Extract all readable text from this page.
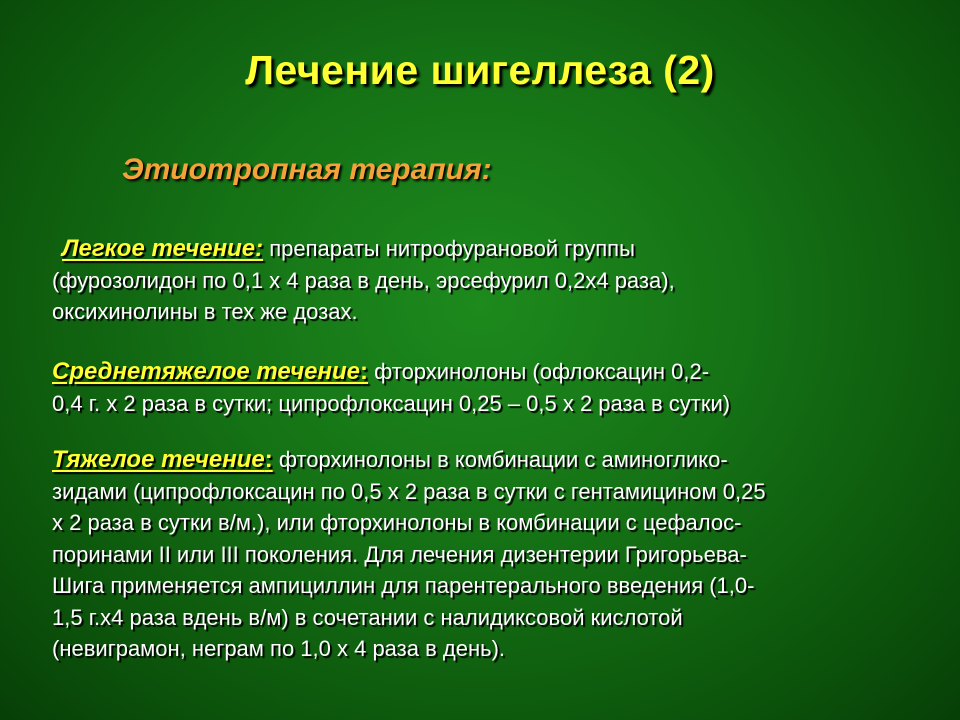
Лечение шигеллеза (2)
Этиотропная терапия:
Легкое течение: препараты нитрофурановой группы
(фурозолидон по 0,1 х 4 раза в день, эрсефурил 0,2х4 раза),
оксихинолины в тех же дозах.
Среднетяжелое течение: фторхинолоны (офлоксацин 0,2-
0,4 г. х 2 раза в сутки; ципрофлоксацин 0,25 – 0,5 х 2 раза в сутки)
Тяжелое течение: фторхинолоны в комбинации с аминоглико-
зидами (ципрофлоксацин по 0,5 х 2 раза в сутки с гентамицином 0,25
х 2 раза в сутки в/м.), или фторхинолоны в комбинации с цефалос-
поринами II или III поколения. Для лечения дизентерии Григорьева-
Шига применяется ампициллин для парентерального введения (1,0-
1,5 г.х4 раза вдень в/м) в сочетании с налидиксовой кислотой
(невиграмон, неграм по 1,0 х 4 раза в день).
